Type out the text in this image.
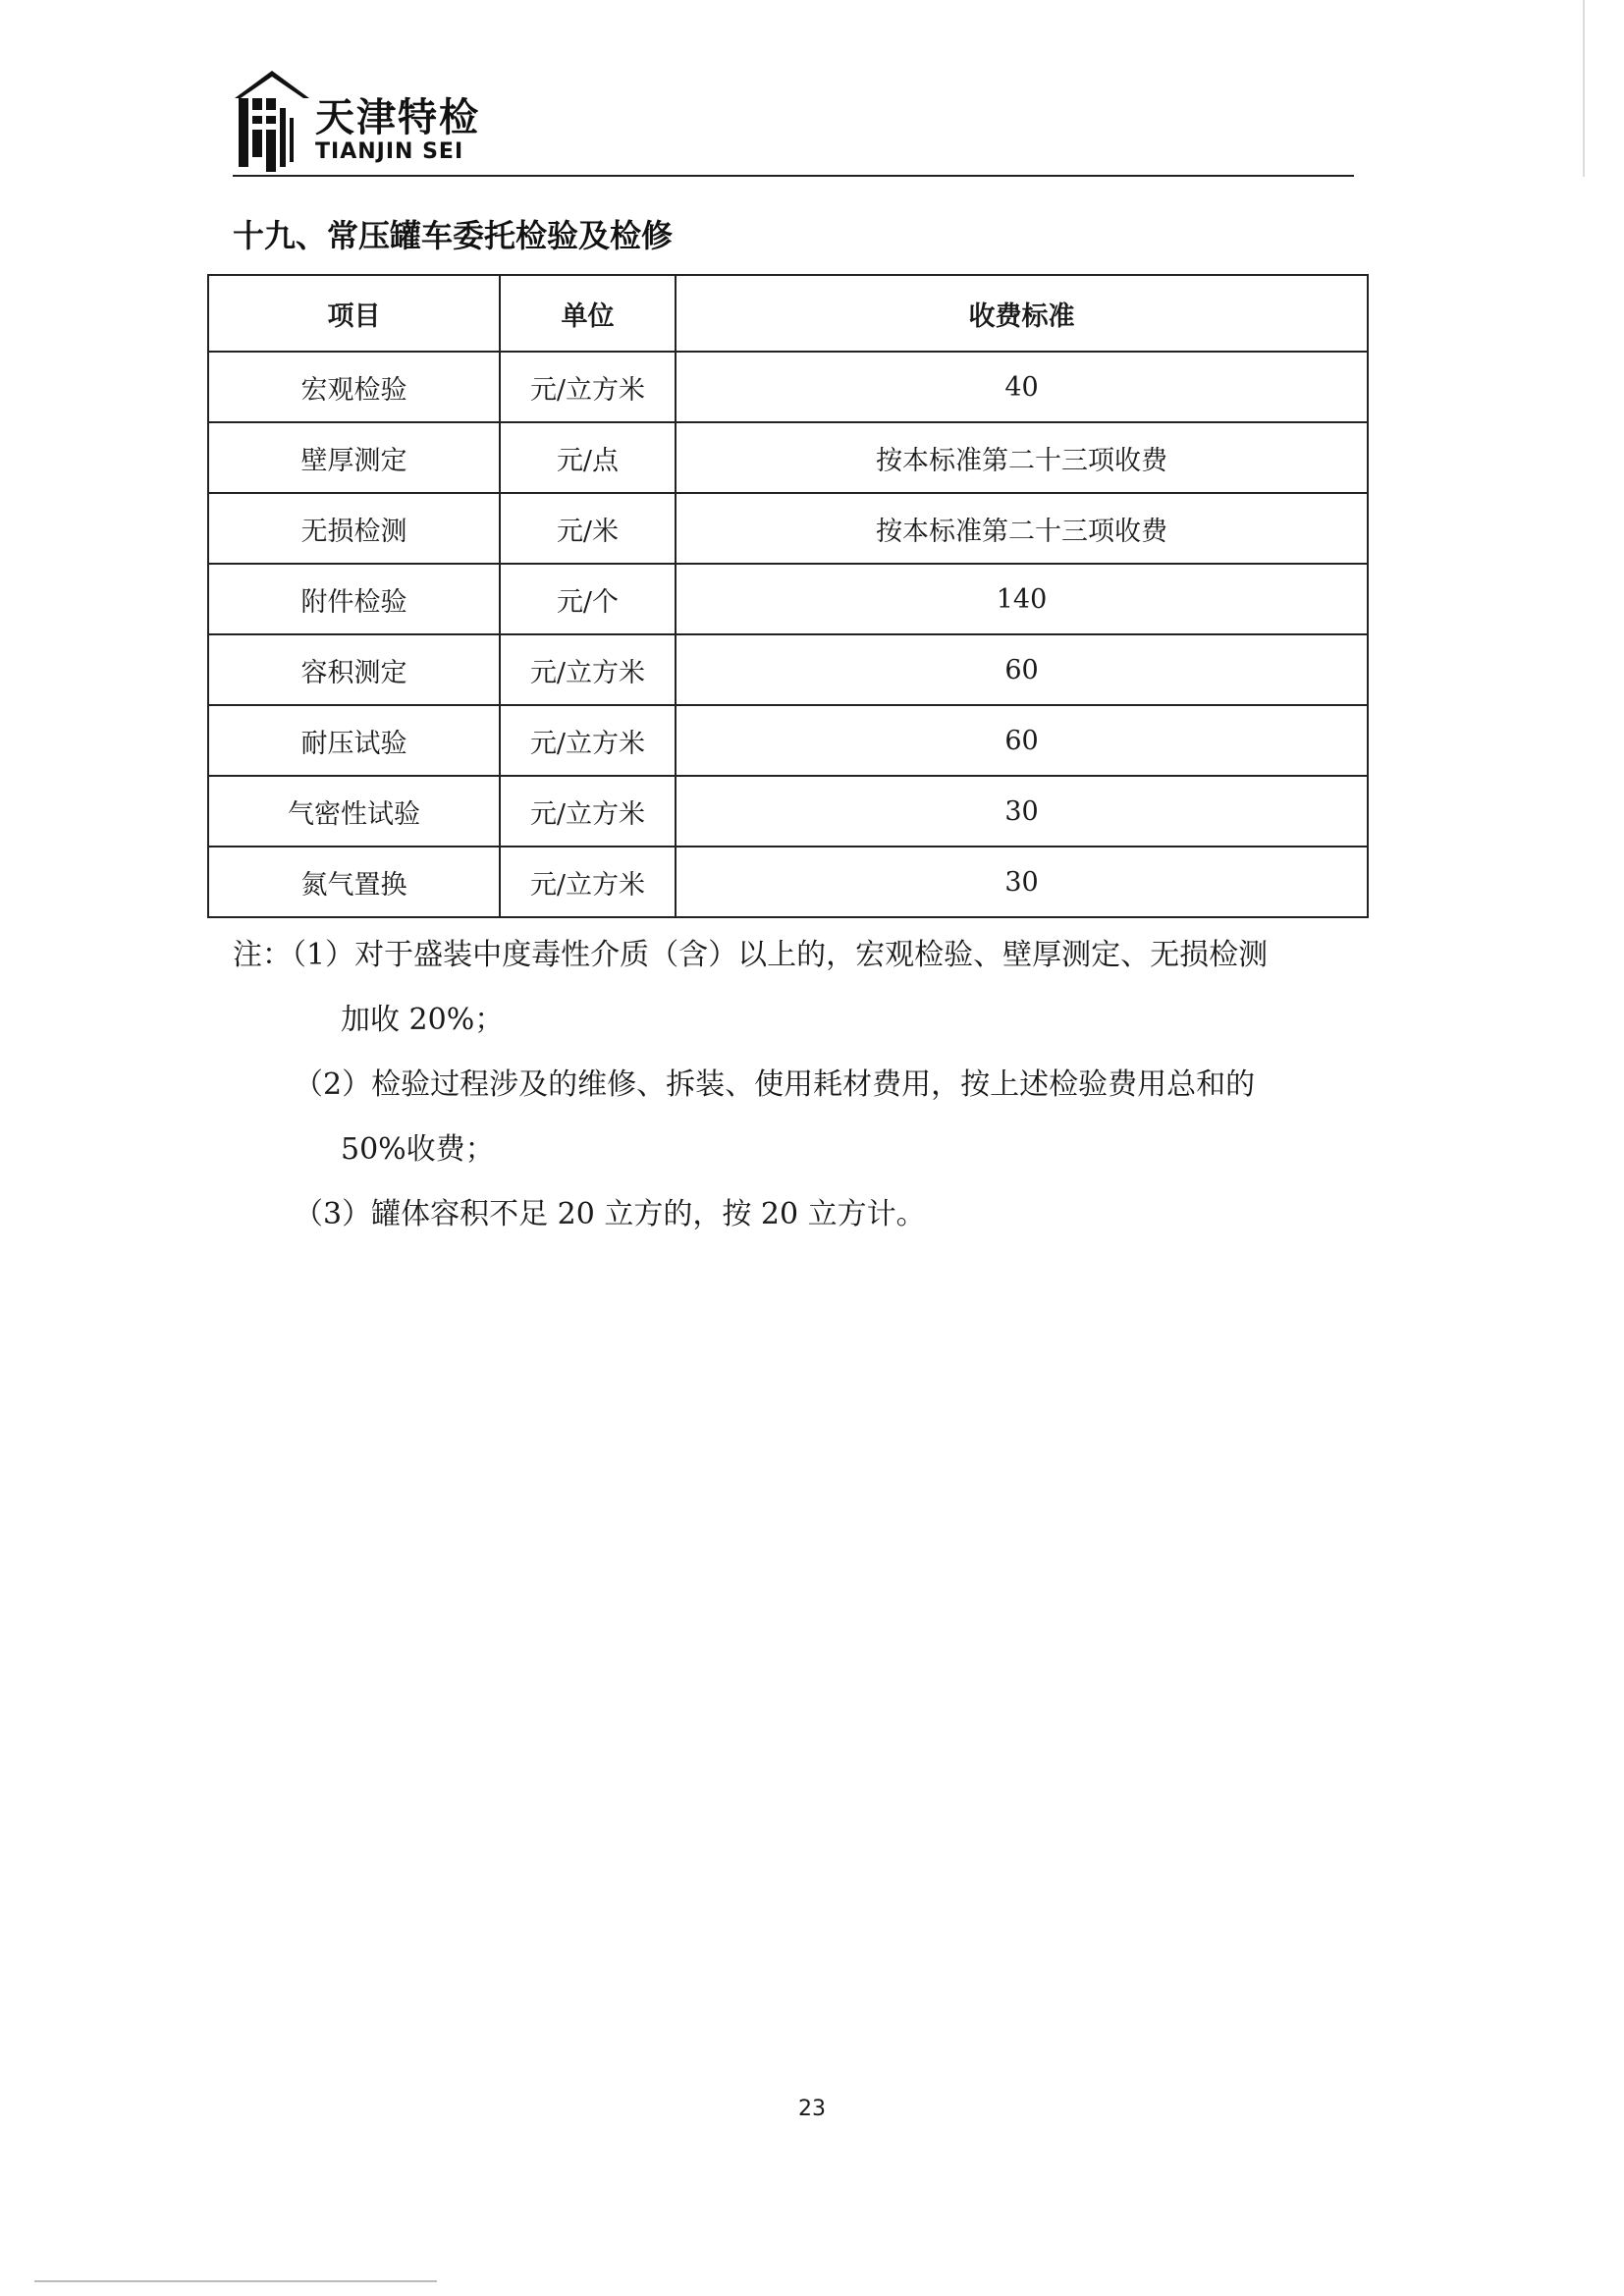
天津特检
TIANJIN SEI
十九、常压罐车委托检验及检修
项目	单位	收费标准
宏观检验	元/立方米	40
壁厚测定	元/点	按本标准第二十三项收费
无损检测	元/米	按本标准第二十三项收费
附件检验	元/个	140
容积测定	元/立方米	60
耐压试验	元/立方米	60
气密性试验	元/立方米	30
氮气置换	元/立方米	30
注：（1）对于盛装中度毒性介质（含）以上的，宏观检验、壁厚测定、无损检测
加收 20%；
（2）检验过程涉及的维修、拆装、使用耗材费用，按上述检验费用总和的
50%收费；
（3）罐体容积不足 20 立方的，按 20 立方计。
23
